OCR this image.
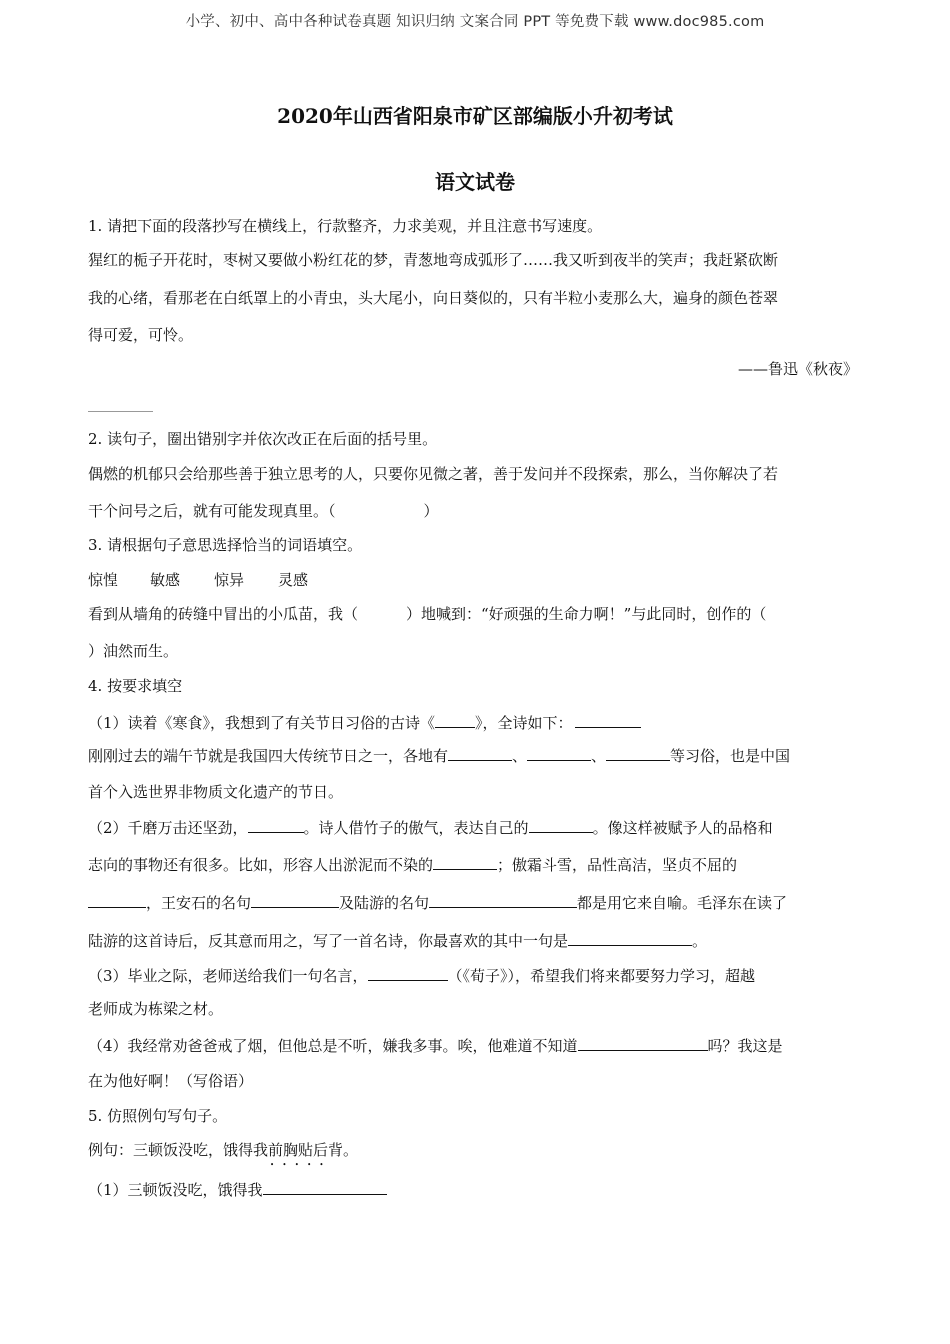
小学、初中、高中各种试卷真题 知识归纳 文案合同 PPT 等免费下载 www.doc985.com
2020年山西省阳泉市矿区部编版小升初考试
语文试卷
1. 请把下面的段落抄写在横线上，行款整齐，力求美观，并且注意书写速度。
猩红的栀子开花时，枣树又要做小粉红花的梦，青葱地弯成弧形了……我又听到夜半的笑声；我赶紧砍断
我的心绪，看那老在白纸罩上的小青虫，头大尾小，向日葵似的，只有半粒小麦那么大，遍身的颜色苍翠
得可爱，可怜。
——鲁迅《秋夜》
2. 读句子，圈出错别字并依次改正在后面的括号里。
偶燃的机郁只会给那些善于独立思考的人，只要你见微之著，善于发问并不段探索，那么，当你解决了若
干个问号之后，就有可能发现真里。（	）
3. 请根据句子意思选择恰当的词语填空。
惊惶 敏感 惊异 灵感
看到从墙角的砖缝中冒出的小瓜苗，我（	）地喊到：“好顽强的生命力啊！”与此同时，创作的（
）油然而生。
4. 按要求填空
（1）读着《寒食》，我想到了有关节日习俗的古诗《	》，全诗如下：
刚刚过去的端午节就是我国四大传统节日之一，各地有	、	、	等习俗，也是中国
首个入选世界非物质文化遗产的节日。
（2）千磨万击还坚劲，	。诗人借竹子的傲气，表达自己的	。像这样被赋予人的品格和
志向的事物还有很多。比如，形容人出淤泥而不染的	；傲霜斗雪，品性高洁，坚贞不屈的
，王安石的名句	及陆游的名句	都是用它来自喻。毛泽东在读了
陆游的这首诗后，反其意而用之，写了一首名诗，你最喜欢的其中一句是	。
（3）毕业之际，老师送给我们一句名言，	（《荀子》），希望我们将来都要努力学习，超越
老师成为栋梁之材。
（4）我经常劝爸爸戒了烟，但他总是不听，嫌我多事。唉，他难道不知道	吗？我这是
在为他好啊！（写俗语）
5. 仿照例句写句子。
例句：三顿饭没吃，饿得我前胸贴后背 • • •。
（1）三顿饭没吃，饿得我
